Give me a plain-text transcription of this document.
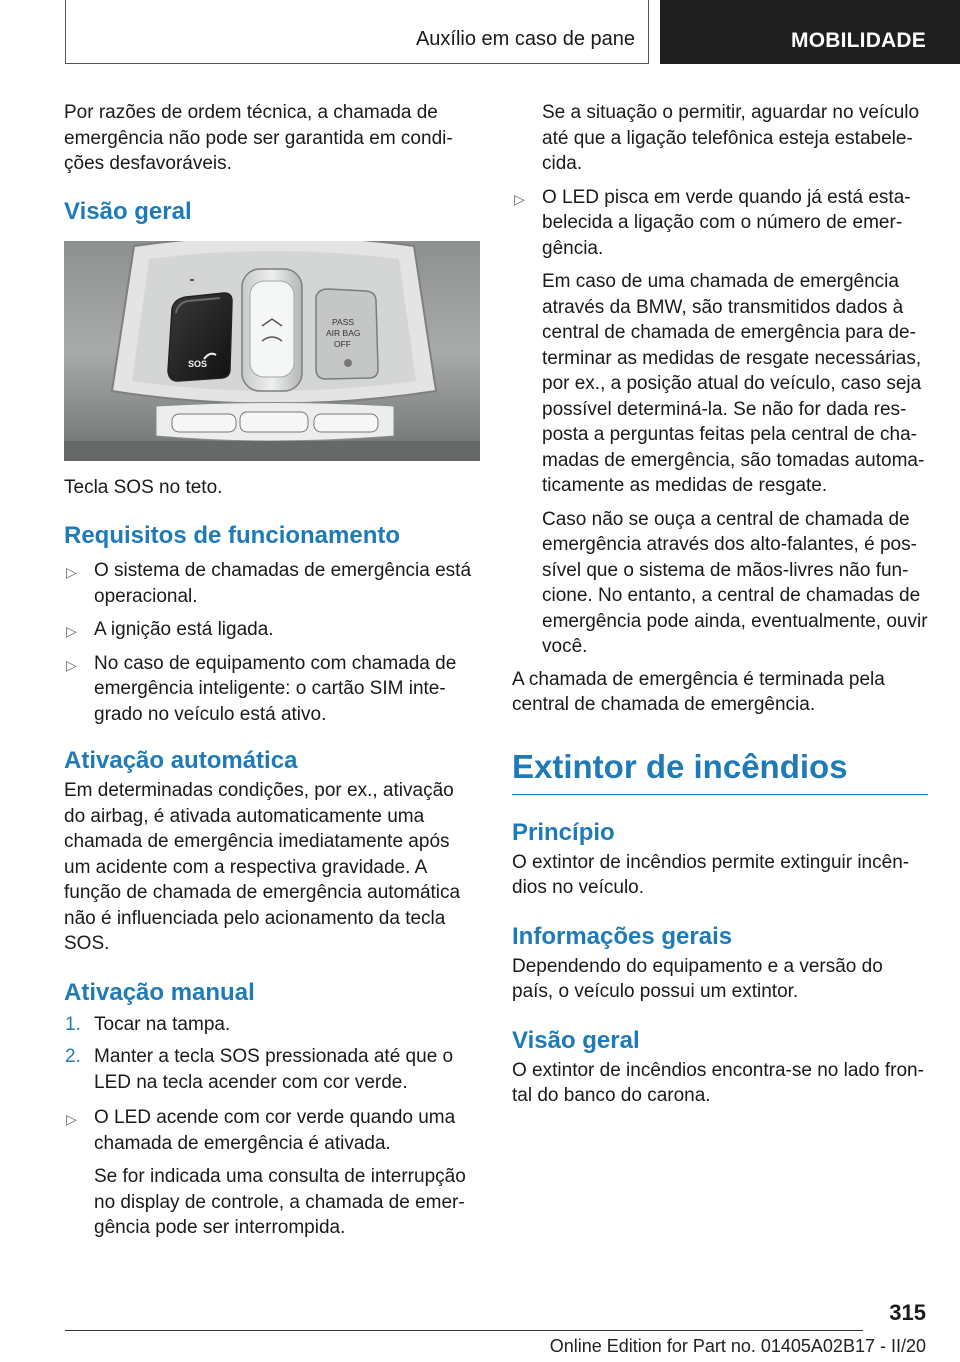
Auxílio em caso de pane	MOBILIDADE

Por razões de ordem técnica, a chamada de emergência não pode ser garantida em condições desfavoráveis.

Visão geral
SOS
PASS
AIR BAG
OFF

Tecla SOS no teto.

Requisitos de funcionamento

▷ O sistema de chamadas de emergência está operacional.

▷ A ignição está ligada.

▷ No caso de equipamento com chamada de emergência inteligente: o cartão SIM integrado no veículo está ativo.

Ativação automática

Em determinadas condições, por ex., ativação do airbag, é ativada automaticamente uma chamada de emergência imediatamente após um acidente com a respectiva gravidade. A função de chamada de emergência automática não é influenciada pelo acionamento da tecla SOS.

Ativação manual

1. Tocar na tampa.

2. Manter a tecla SOS pressionada até que o LED na tecla acender com cor verde.

▷ O LED acende com cor verde quando uma chamada de emergência é ativada.

Se for indicada uma consulta de interrupção no display de controle, a chamada de emergência pode ser interrompida.

Se a situação o permitir, aguardar no veículo até que a ligação telefônica esteja estabelecida.

▷ O LED pisca em verde quando já está estabelecida a ligação com o número de emergência.

Em caso de uma chamada de emergência através da BMW, são transmitidos dados à central de chamada de emergência para determinar as medidas de resgate necessárias, por ex., a posição atual do veículo, caso seja possível determiná-la. Se não for dada resposta a perguntas feitas pela central de chamadas de emergência, são tomadas automaticamente as medidas de resgate.

Caso não se ouça a central de chamada de emergência através dos alto-falantes, é possível que o sistema de mãos-livres não funcione. No entanto, a central de chamadas de emergência pode ainda, eventualmente, ouvir você.

A chamada de emergência é terminada pela central de chamada de emergência.

Extintor de incêndios
Princípio

O extintor de incêndios permite extinguir incêndios no veículo.

Informações gerais

Dependendo do equipamento e a versão do país, o veículo possui um extintor.

Visão geral

O extintor de incêndios encontra-se no lado frontal do banco do carona.

315
Online Edition for Part no. 01405A02B17 - II/20
